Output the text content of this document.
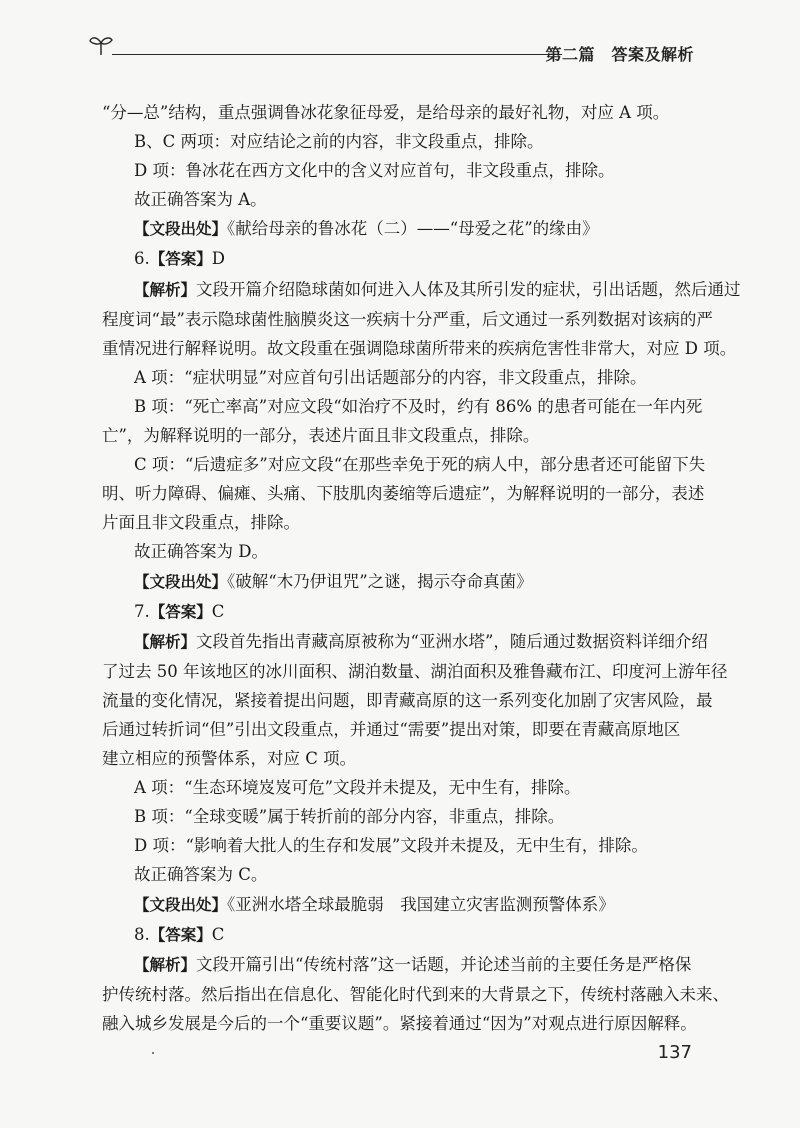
第二篇　答案及解析

“分—总”结构，重点强调鲁冰花象征母爱，是给母亲的最好礼物，对应 A 项。

B、C 两项：对应结论之前的内容，非文段重点，排除。

D 项：鲁冰花在西方文化中的含义对应首句，非文段重点，排除。

故正确答案为 A。

【文段出处】《献给母亲的鲁冰花（二）——“母爱之花”的缘由》

6.【答案】D

【解析】文段开篇介绍隐球菌如何进入人体及其所引发的症状，引出话题，然后通过

程度词“最”表示隐球菌性脑膜炎这一疾病十分严重，后文通过一系列数据对该病的严

重情况进行解释说明。故文段重在强调隐球菌所带来的疾病危害性非常大，对应 D 项。

A 项：“症状明显”对应首句引出话题部分的内容，非文段重点，排除。

B 项：“死亡率高”对应文段“如治疗不及时，约有 86% 的患者可能在一年内死

亡”，为解释说明的一部分，表述片面且非文段重点，排除。

C 项：“后遗症多”对应文段“在那些幸免于死的病人中，部分患者还可能留下失

明、听力障碍、偏瘫、头痛、下肢肌肉萎缩等后遗症”，为解释说明的一部分，表述

片面且非文段重点，排除。

故正确答案为 D。

【文段出处】《破解“木乃伊诅咒”之谜，揭示夺命真菌》

7.【答案】C

【解析】文段首先指出青藏高原被称为“亚洲水塔”，随后通过数据资料详细介绍

了过去 50 年该地区的冰川面积、湖泊数量、湖泊面积及雅鲁藏布江、印度河上游年径

流量的变化情况，紧接着提出问题，即青藏高原的这一系列变化加剧了灾害风险，最

后通过转折词“但”引出文段重点，并通过“需要”提出对策，即要在青藏高原地区

建立相应的预警体系，对应 C 项。

A 项：“生态环境岌岌可危”文段并未提及，无中生有，排除。

B 项：“全球变暖”属于转折前的部分内容，非重点，排除。

D 项：“影响着大批人的生存和发展”文段并未提及，无中生有，排除。

故正确答案为 C。

【文段出处】《亚洲水塔全球最脆弱　我国建立灾害监测预警体系》

8.【答案】C

【解析】文段开篇引出“传统村落”这一话题，并论述当前的主要任务是严格保

护传统村落。然后指出在信息化、智能化时代到来的大背景之下，传统村落融入未来、

融入城乡发展是今后的一个“重要议题”。紧接着通过“因为”对观点进行原因解释。

137
